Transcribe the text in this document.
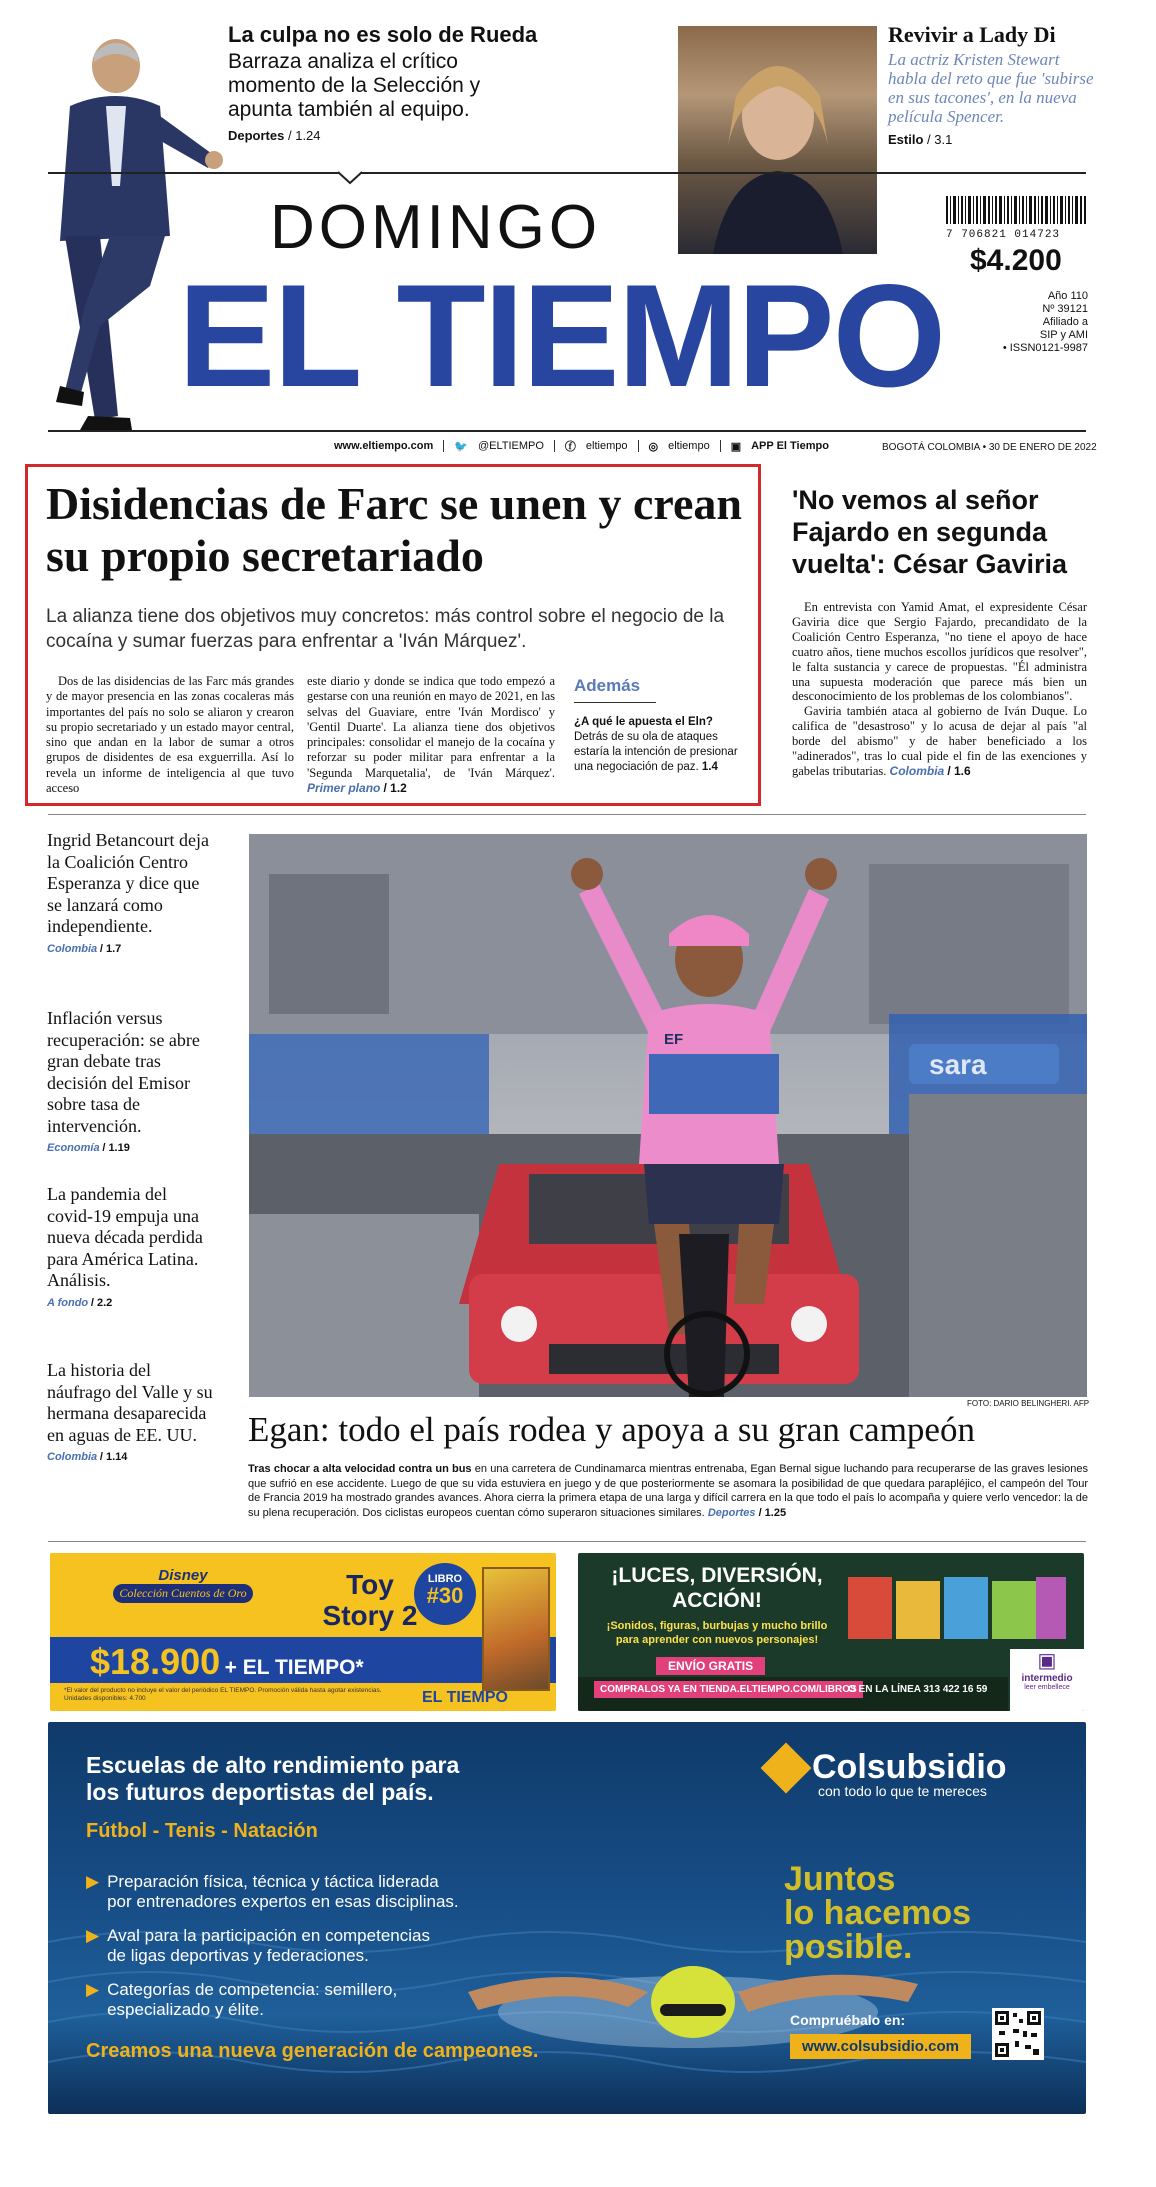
La culpa no es solo de Rueda
Barraza analiza el crítico momento de la Selección y apunta también al equipo.
Deportes / 1.24
Revivir a Lady Di
La actriz Kristen Stewart habla del reto que fue 'subirse en sus tacones', en la nueva película Spencer.
Estilo / 3.1
DOMINGO
EL TIEMPO
7 706821 014723
$4.200
Año 110
Nº 39121
Afiliado a
SIP y AMI
• ISSN0121-9987
www.eltiempo.com 🐦 @ELTIEMPO ⓕ eltiempo ◎ eltiempo ▣ APP El Tiempo	BOGOTÁ COLOMBIA • 30 DE ENERO DE 2022
Disidencias de Farc se unen y crean su propio secretariado
La alianza tiene dos objetivos muy concretos: más control sobre el negocio de la cocaína y sumar fuerzas para enfrentar a 'Iván Márquez'.
Dos de las disidencias de las Farc más grandes y de mayor presencia en las zonas cocaleras más importantes del país no solo se aliaron y crearon su propio secretariado y un estado mayor central, sino que andan en la labor de sumar a otros grupos de disidentes de esa exguerrilla. Así lo revela un informe de inteligencia al que tuvo acceso
este diario y donde se indica que todo empezó a gestarse con una reunión en mayo de 2021, en las selvas del Guaviare, entre 'Iván Mordisco' y 'Gentil Duarte'. La alianza tiene dos objetivos principales: consolidar el manejo de la cocaína y reforzar su poder militar para enfrentar a la 'Segunda Marquetalia', de 'Iván Márquez'. Primer plano / 1.2
Además
¿A qué le apuesta el Eln? Detrás de su ola de ataques estaría la intención de presionar una negociación de paz. 1.4
'No vemos al señor Fajardo en segunda vuelta': César Gaviria

En entrevista con Yamid Amat, el expresidente César Gaviria dice que Sergio Fajardo, precandidato de la Coalición Centro Esperanza, "no tiene el apoyo de hace cuatro años, tiene muchos escollos jurídicos que resolver", le falta sustancia y carece de propuestas. "Él administra una supuesta moderación que parece más bien un desconocimiento de los problemas de los colombianos".

Gaviria también ataca al gobierno de Iván Duque. Lo califica de "desastroso" y lo acusa de dejar al país "al borde del abismo" y de haber beneficiado a los "adinerados", tras lo cual pide el fin de las exenciones y gabelas tributarias. Colombia / 1.6

Ingrid Betancourt deja la Coalición Centro Esperanza y dice que se lanzará como independiente.
Colombia / 1.7
Inflación versus recuperación: se abre gran debate tras decisión del Emisor sobre tasa de intervención.
Economía / 1.19
La pandemia del covid-19 empuja una nueva década perdida para América Latina. Análisis.
A fondo / 2.2
La historia del náufrago del Valle y su hermana desaparecida en aguas de EE. UU.
Colombia / 1.14
sara
EF
FOTO: DARIO BELINGHERI. AFP
Egan: todo el país rodea y apoya a su gran campeón
Tras chocar a alta velocidad contra un bus en una carretera de Cundinamarca mientras entrenaba, Egan Bernal sigue luchando para recuperarse de las graves lesiones que sufrió en ese accidente. Luego de que su vida estuviera en juego y de que posteriormente se asomara la posibilidad de que quedara parapléjico, el campeón del Tour de Francia 2019 ha mostrado grandes avances. Ahora cierra la primera etapa de una larga y difícil carrera en la que todo el país lo acompaña y quiere verlo vencedor: la de su plena recuperación. Dos ciclistas europeos cuentan cómo superaron situaciones similares. Deportes / 1.25
Disney
Colección Cuentos de Oro	Toy
Story 2
LIBRO
#30
$18.900 + EL TIEMPO*
*El valor del producto no incluye el valor del periódico EL TIEMPO. Promoción válida hasta agotar existencias. Unidades disponibles: 4.700	EL TIEMPO
¡LUCES, DIVERSIÓN,
ACCIÓN!
¡Sonidos, figuras, burbujas y mucho brillo
para aprender con nuevos personajes!
ENVÍO GRATIS
COMPRALOS YA EN TIENDA.ELTIEMPO.COM/LIBROS
O EN LA LÍNEA 313 422 16 59
▣
intermedio
leer embellece
Escuelas de alto rendimiento para
los futuros deportistas del país.
Fútbol - Tenis - Natación
▶ Preparación física, técnica y táctica liderada
por entrenadores expertos en esas disciplinas.
▶ Aval para la participación en competencias
de ligas deportivas y federaciones.
▶ Categorías de competencia: semillero,
especializado y élite.
Creamos una nueva generación de campeones.
Colsubsidio
con todo lo que te mereces
Juntos
lo hacemos
posible.
Compruébalo en:
www.colsubsidio.com
